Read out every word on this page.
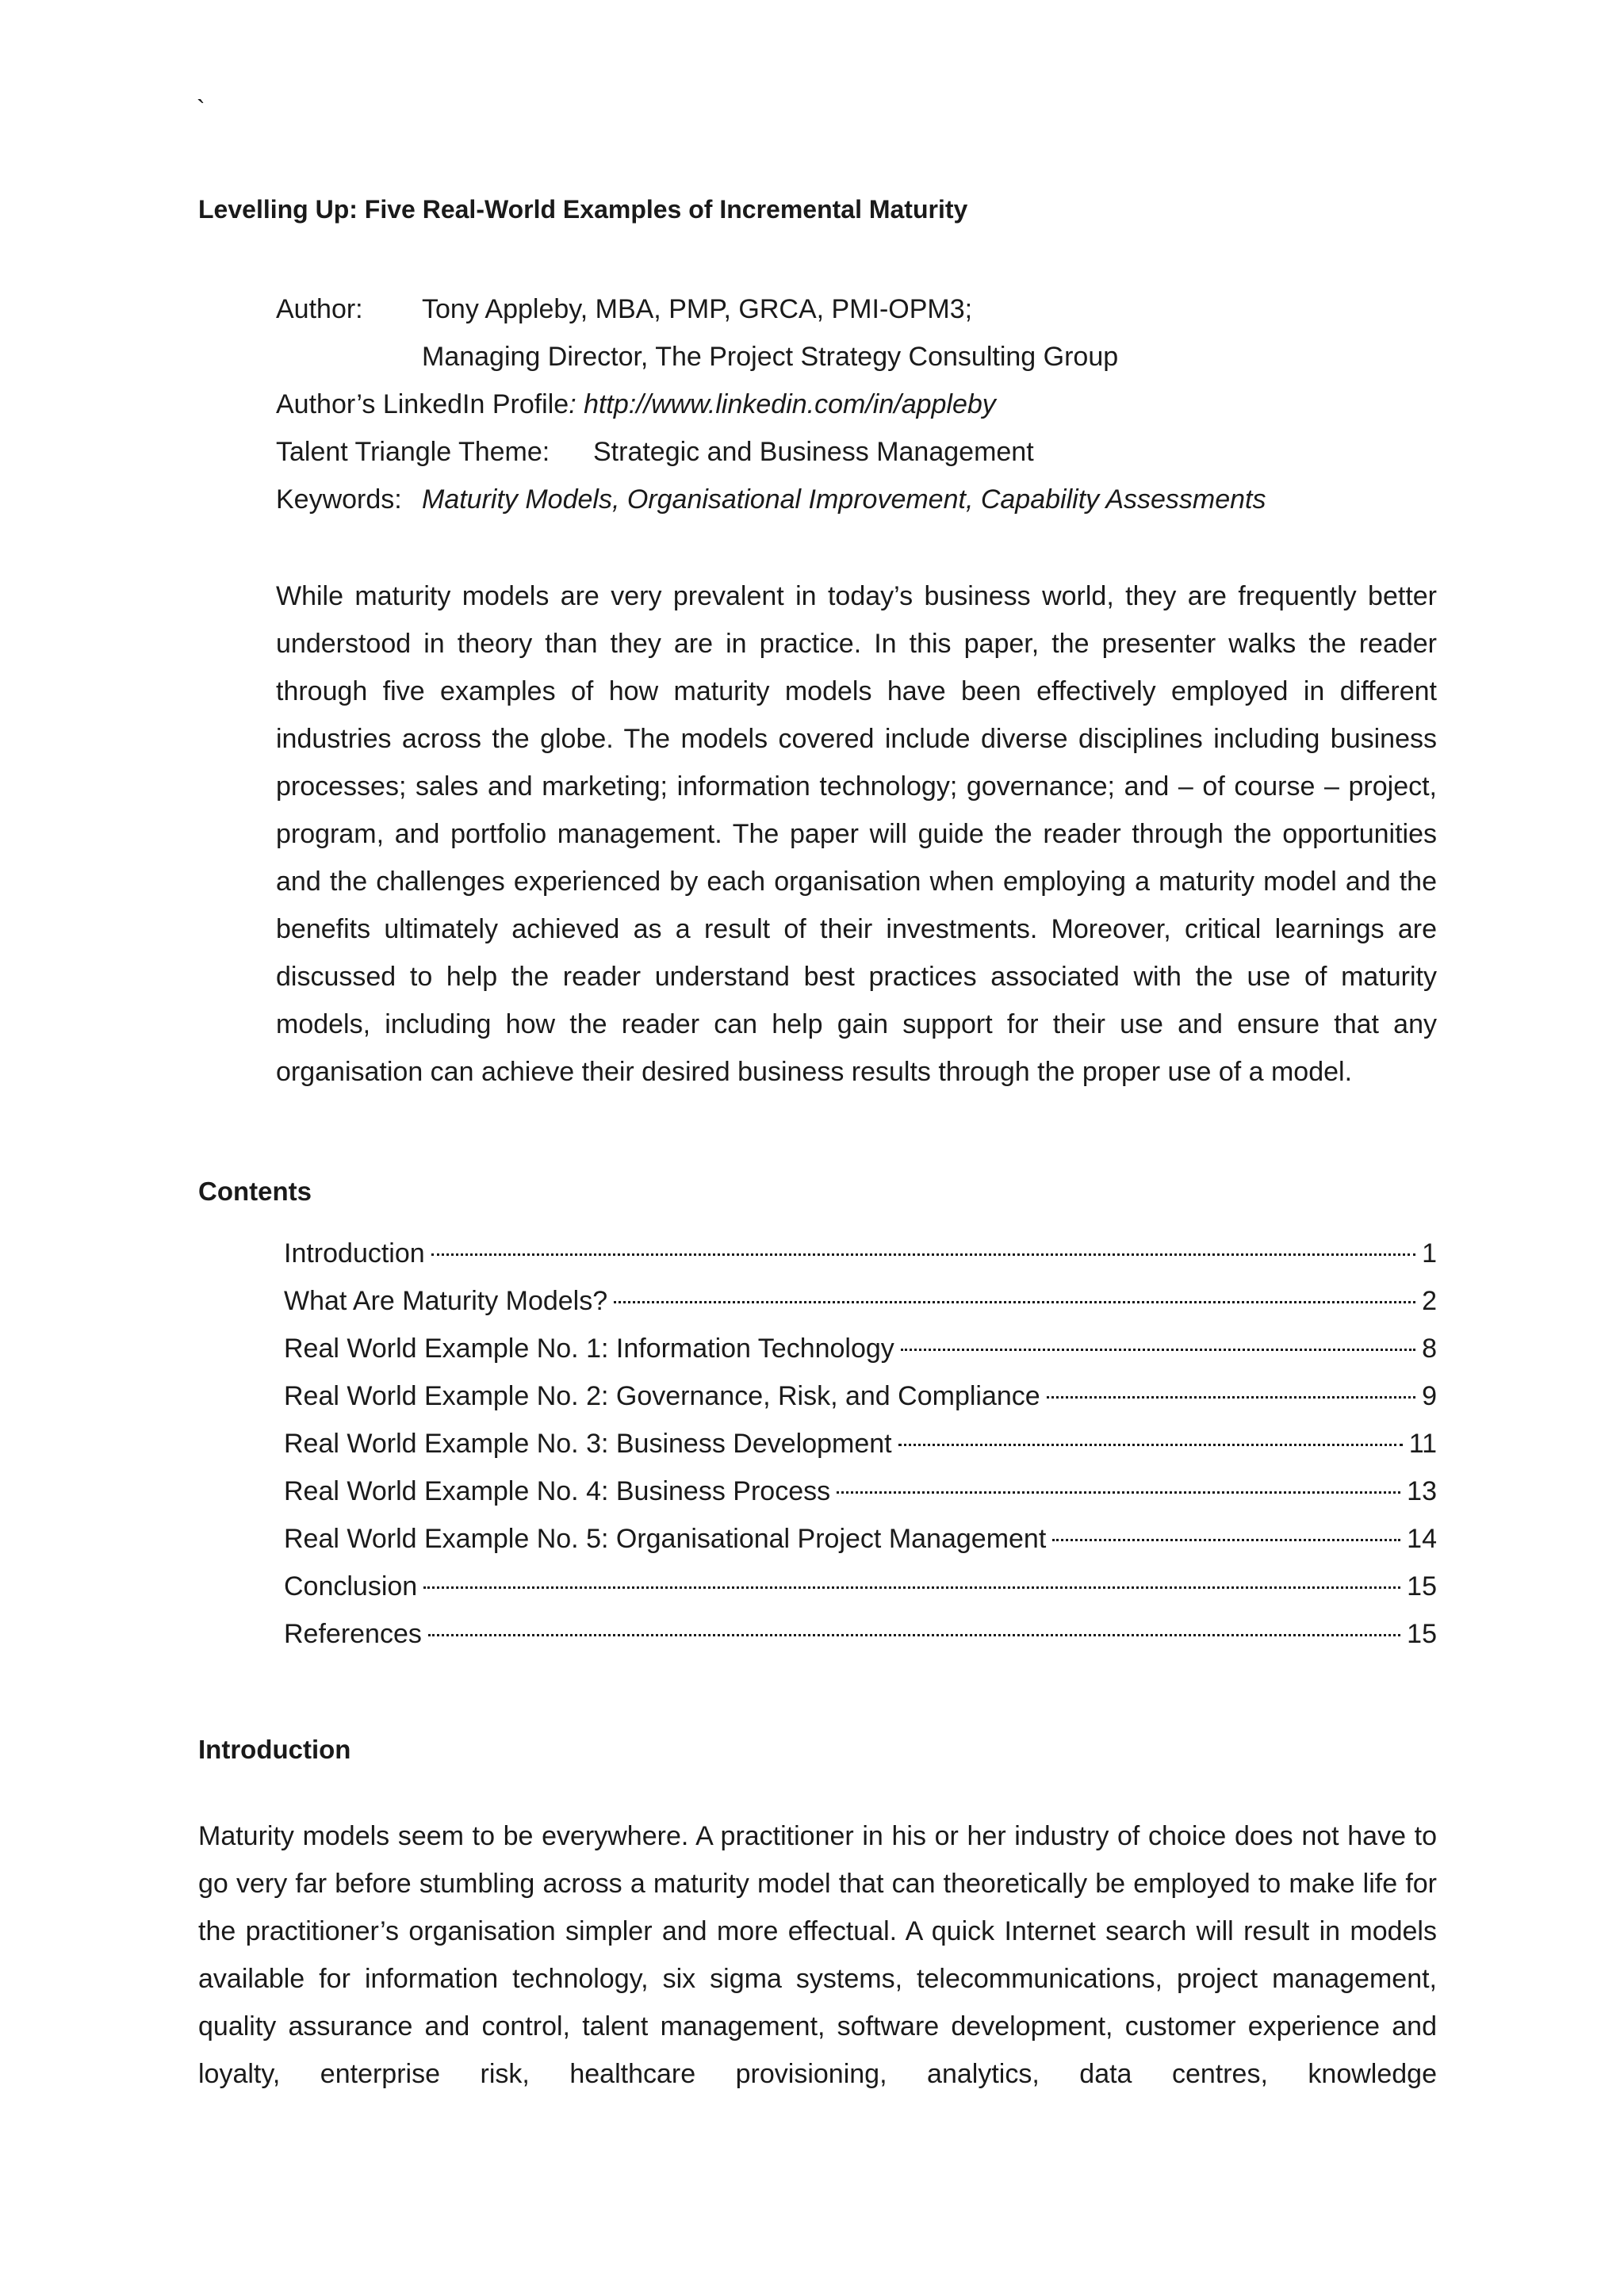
`
Levelling Up: Five Real-World Examples of Incremental Maturity
Author: Tony Appleby, MBA, PMP, GRCA, PMI-OPM3;
Managing Director, The Project Strategy Consulting Group
Author’s LinkedIn Profile: http://www.linkedin.com/in/appleby
Talent Triangle Theme: Strategic and Business Management
Keywords: Maturity Models, Organisational Improvement, Capability Assessments

While maturity models are very prevalent in today’s business world, they are frequently better understood in theory than they are in practice. In this paper, the presenter walks the reader through five examples of how maturity models have been effectively employed in different industries across the globe. The models covered include diverse disciplines including business processes; sales and marketing; information technology; governance; and – of course – project, program, and portfolio management. The paper will guide the reader through the opportunities and the challenges experienced by each organisation when employing a maturity model and the benefits ultimately achieved as a result of their investments. Moreover, critical learnings are discussed to help the reader understand best practices associated with the use of maturity models, including how the reader can help gain support for their use and ensure that any organisation can achieve their desired business results through the proper use of a model.

Contents
Introduction	1
What Are Maturity Models?	2
Real World Example No. 1: Information Technology	8
Real World Example No. 2: Governance, Risk, and Compliance	9
Real World Example No. 3: Business Development	11
Real World Example No. 4: Business Process	13
Real World Example No. 5: Organisational Project Management	14
Conclusion	15
References	15
Introduction

Maturity models seem to be everywhere. A practitioner in his or her industry of choice does not have to go very far before stumbling across a maturity model that can theoretically be employed to make life for the practitioner’s organisation simpler and more effectual. A quick Internet search will result in models available for information technology, six sigma systems, telecommunications, project management, quality assurance and control, talent management, software development, customer experience and loyalty, enterprise risk, healthcare provisioning, analytics, data centres, knowledge
